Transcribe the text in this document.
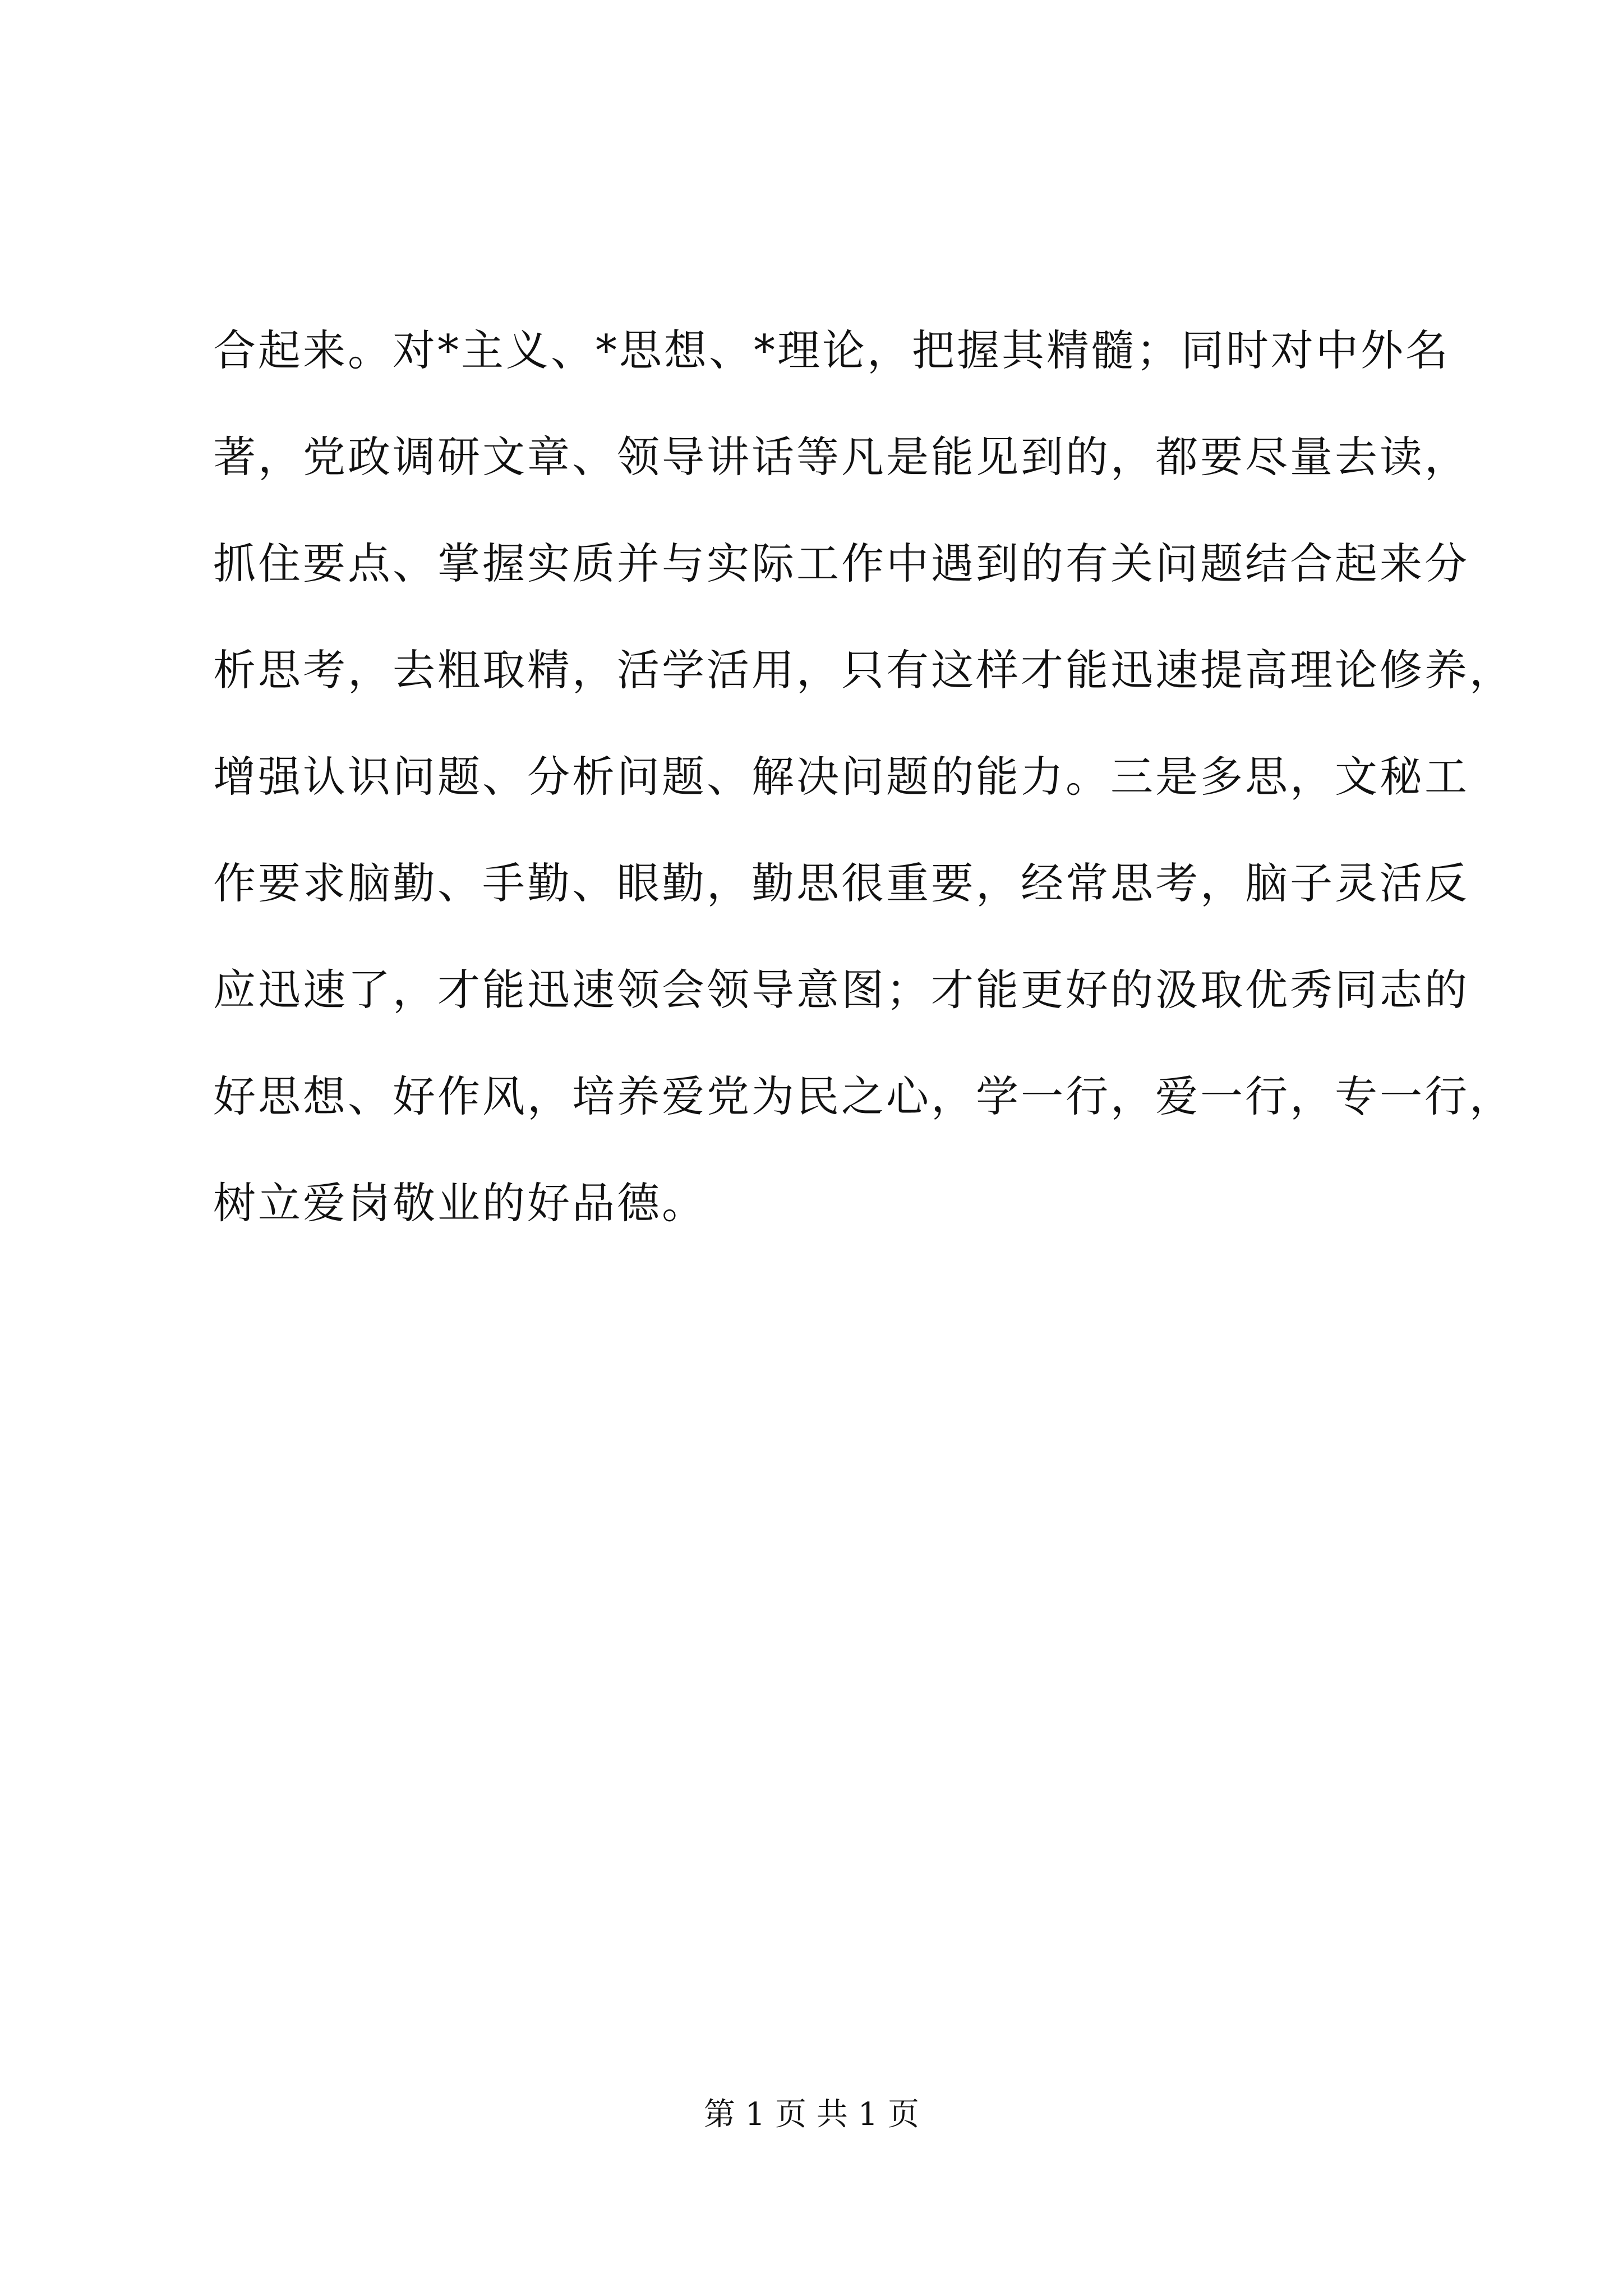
合起来。对*主义、*思想、*理论，把握其精髓；同时对中外名
著，党政调研文章、领导讲话等凡是能见到的，都要尽量去读，
抓住要点、掌握实质并与实际工作中遇到的有关问题结合起来分
析思考，去粗取精，活学活用，只有这样才能迅速提高理论修养，
增强认识问题、分析问题、解决问题的能力。三是多思，文秘工
作要求脑勤、手勤、眼勤，勤思很重要，经常思考，脑子灵活反
应迅速了，才能迅速领会领导意图；才能更好的汲取优秀同志的
好思想、好作风，培养爱党为民之心，学一行，爱一行，专一行，
树立爱岗敬业的好品德。
第 1 页 共 1 页
